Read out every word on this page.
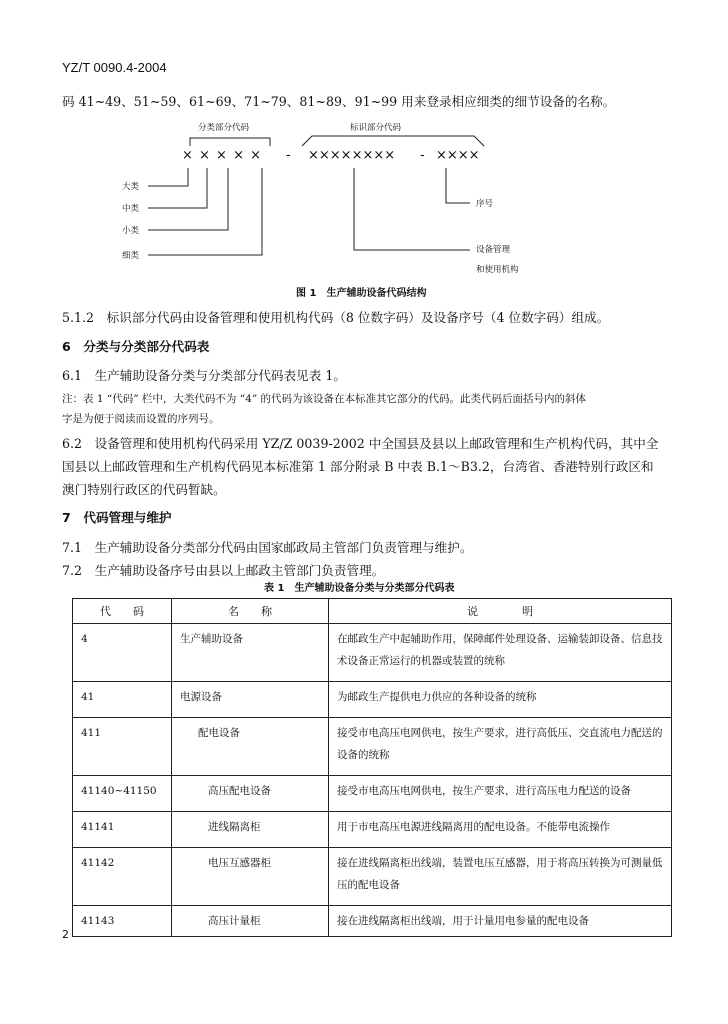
YZ/T 0090.4-2004
码 41~49、51~59、61~69、71~79、81~89、91~99 用来登录相应细类的细节设备的名称。
分类部分代码	标识部分代码
× × × × × - ×××××××× - ××××
大类
中类
小类
细类
序号
设备管理
和使用机构
图 1　生产辅助设备代码结构
5.1.2　标识部分代码由设备管理和使用机构代码（8 位数字码）及设备序号（4 位数字码）组成。
6　分类与分类部分代码表
6.1　生产辅助设备分类与分类部分代码表见表 1。
注：表 1 “代码” 栏中，大类代码不为 “4” 的代码为该设备在本标准其它部分的代码。此类代码后面括号内的斜体
字是为便于阅读而设置的序列号。
6.2　设备管理和使用机构代码采用 YZ/Z 0039-2002 中全国县及县以上邮政管理和生产机构代码，其中全
国县以上邮政管理和生产机构代码见本标准第 1 部分附录 B 中表 B.1～B3.2，台湾省、香港特别行政区和
澳门特别行政区的代码暂缺。
7　代码管理与维护
7.1　生产辅助设备分类部分代码由国家邮政局主管部门负责管理与维护。
7.2　生产辅助设备序号由县以上邮政主管部门负责管理。
表 1　生产辅助设备分类与分类部分代码表
代　　码	名　　称	说　　　　明
4	生产辅助设备	在邮政生产中起辅助作用，保障邮件处理设备、运输装卸设备、信息技术设备正常运行的机器或装置的统称
41	电源设备	为邮政生产提供电力供应的各种设备的统称
411	配电设备	接受市电高压电网供电，按生产要求，进行高低压、交直流电力配送的设备的统称
41140~41150	高压配电设备	接受市电高压电网供电，按生产要求，进行高压电力配送的设备
41141	进线隔离柜	用于市电高压电源进线隔离用的配电设备。不能带电流操作
41142	电压互感器柜	接在进线隔离柜出线端，装置电压互感器，用于将高压转换为可测量低压的配电设备
41143	高压计量柜	接在进线隔离柜出线端，用于计量用电参量的配电设备
2
